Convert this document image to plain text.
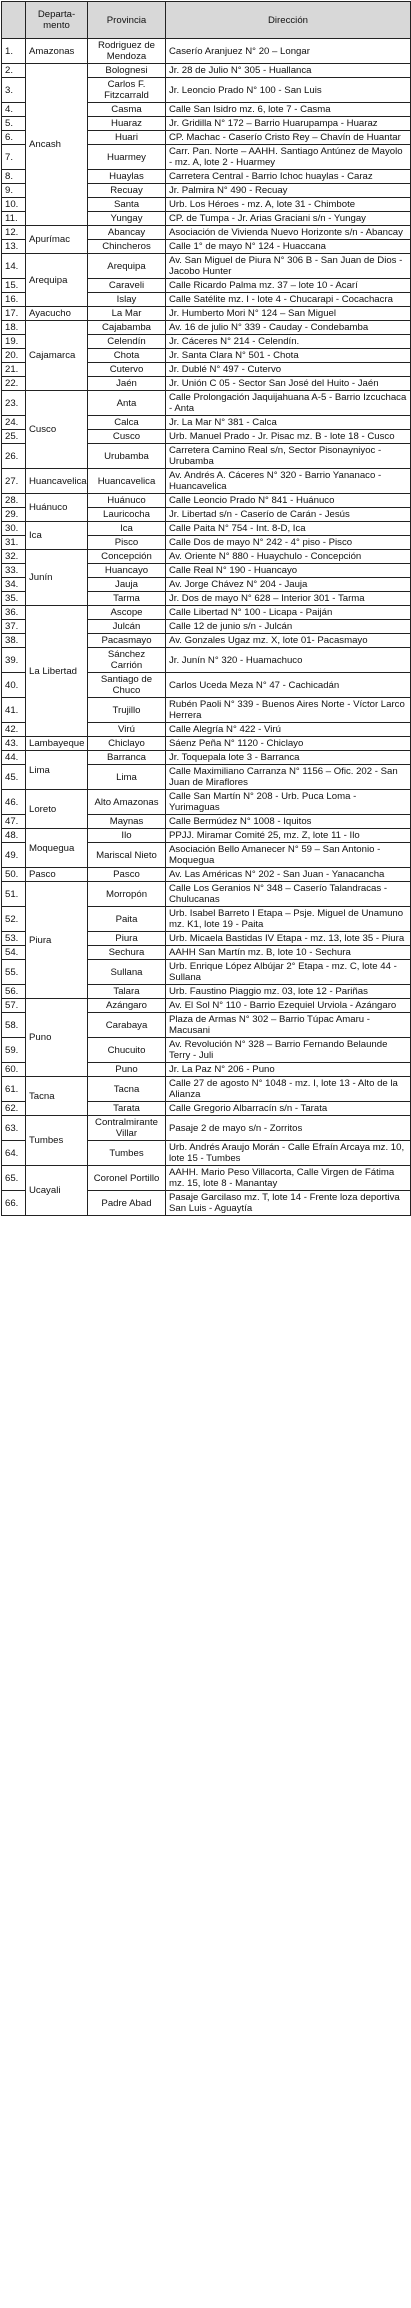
	Departa-mento	Provincia	Dirección
1.	Amazonas	Rodriguez de Mendoza	Caserío Aranjuez N° 20 – Longar
2.	Ancash	Bolognesi	Jr. 28 de Julio N° 305 - Huallanca
3.		Carlos F. Fitzcarrald	Jr. Leoncio Prado N° 100 - San Luis
4.		Casma	Calle San Isidro mz. 6, lote 7 - Casma
5.		Huaraz	Jr. Gridilla N° 172 – Barrio Huarupampa - Huaraz
6.		Huari	CP. Machac - Caserío Cristo Rey – Chavín de Huantar
7.		Huarmey	Carr. Pan. Norte – AAHH. Santiago Antúnez de Mayolo - mz. A, lote 2 - Huarmey
8.		Huaylas	Carretera Central - Barrio Ichoc huaylas - Caraz
9.		Recuay	Jr. Palmira N° 490 - Recuay
10.		Santa	Urb. Los Héroes - mz. A, lote 31 - Chimbote
11.		Yungay	CP. de Tumpa - Jr. Arias Graciani s/n - Yungay
12.	Apurímac	Abancay	Asociación de Vivienda Nuevo Horizonte s/n - Abancay
13.		Chincheros	Calle 1° de mayo N° 124 - Huaccana
14.	Arequipa	Arequipa	Av. San Miguel de Piura N° 306 B - San Juan de Dios - Jacobo Hunter
15.		Caraveli	Calle Ricardo Palma mz. 37 – lote 10 - Acarí
16.		Islay	Calle Satélite mz. I - lote 4 - Chucarapi - Cocachacra
17.	Ayacucho	La Mar	Jr. Humberto Mori N° 124 – San Miguel
18.	Cajamarca	Cajabamba	Av. 16 de julio N° 339 - Cauday - Condebamba
19.		Celendín	Jr. Cáceres N° 214 - Celendín.
20.		Chota	Jr. Santa Clara N° 501 - Chota
21.		Cutervo	Jr. Dublé N° 497 - Cutervo
22.		Jaén	Jr. Unión C 05 - Sector San José del Huito - Jaén
23.	Cusco	Anta	Calle Prolongación Jaquijahuana A-5 - Barrio Izcuchaca - Anta
24.		Calca	Jr. La Mar N° 381 - Calca
25.		Cusco	Urb. Manuel Prado - Jr. Pisac mz. B - lote 18 - Cusco
26.		Urubamba	Carretera Camino Real s/n, Sector Pisonayniyoc - Urubamba
27.	Huancavelica	Huancavelica	Av. Andrés A. Cáceres N° 320 - Barrio Yananaco - Huancavelica
28.	Huánuco	Huánuco	Calle Leoncio Prado N° 841 - Huánuco
29.		Lauricocha	Jr. Libertad s/n - Caserío de Carán - Jesús
30.	Ica	Ica	Calle Paita N° 754 - Int. 8-D, Ica
31.		Pisco	Calle Dos de mayo N° 242 - 4° piso - Pisco
32.	Junín	Concepción	Av. Oriente N° 880 - Huaychulo - Concepción
33.		Huancayo	Calle Real N° 190 - Huancayo
34.		Jauja	Av. Jorge Chávez N° 204 - Jauja
35.		Tarma	Jr. Dos de mayo N° 628 – Interior 301 - Tarma
36.	La Libertad	Ascope	Calle Libertad N° 100 - Licapa - Paiján
37.		Julcán	Calle 12 de junio s/n - Julcán
38.		Pacasmayo	Av. Gonzales Ugaz mz. X, lote 01- Pacasmayo
39.		Sánchez Carrión	Jr. Junín N° 320 - Huamachuco
40.		Santiago de Chuco	Carlos Uceda Meza N° 47 - Cachicadán
41.		Trujillo	Rubén Paoli N° 339 - Buenos Aires Norte - Víctor Larco Herrera
42.		Virú	Calle Alegría N° 422 - Virú
43.	Lambayeque	Chiclayo	Sáenz Peña N° 1120 - Chiclayo
44.	Lima	Barranca	Jr. Toquepala lote 3 - Barranca
45.		Lima	Calle Maximiliano Carranza N° 1156 – Ofic. 202 - San Juan de Miraflores
46.	Loreto	Alto Amazonas	Calle San Martín N° 208 - Urb. Puca Loma - Yurimaguas
47.		Maynas	Calle Bermúdez N° 1008 - Iquitos
48.	Moquegua	Ilo	PPJJ. Miramar Comité 25, mz. Z, lote 11 - Ilo
49.		Mariscal Nieto	Asociación Bello Amanecer N° 59 – San Antonio - Moquegua
50.	Pasco	Pasco	Av. Las Américas N° 202 - San Juan - Yanacancha
51.	Piura	Morropón	Calle Los Geranios N° 348 – Caserío Talandracas - Chulucanas
52.		Paita	Urb. Isabel Barreto I Etapa – Psje. Miguel de Unamuno mz. K1, lote 19 - Paita
53.		Piura	Urb. Micaela Bastidas IV Etapa - mz. 13, lote 35 - Piura
54.		Sechura	AAHH San Martín mz. B, lote 10 - Sechura
55.		Sullana	Urb. Enrique López Albújar 2° Etapa - mz. C, lote 44 - Sullana
56.		Talara	Urb. Faustino Piaggio mz. 03, lote 12 - Pariñas
57.	Puno	Azángaro	Av. El Sol N° 110 - Barrio Ezequiel Urviola - Azángaro
58.		Carabaya	Plaza de Armas N° 302 – Barrio Túpac Amaru - Macusani
59.		Chucuito	Av. Revolución N° 328 – Barrio Fernando Belaunde Terry - Juli
60.		Puno	Jr. La Paz N° 206 - Puno
61.	Tacna	Tacna	Calle 27 de agosto N° 1048 - mz. I, lote 13 - Alto de la Alianza
62.		Tarata	Calle Gregorio Albarracín s/n - Tarata
63.	Tumbes	Contralmirante Villar	Pasaje 2 de mayo s/n - Zorritos
64.		Tumbes	Urb. Andrés Araujo Morán - Calle Efraín Arcaya mz. 10, lote 15 - Tumbes
65.	Ucayali	Coronel Portillo	AAHH. Mario Peso Villacorta, Calle Virgen de Fátima mz. 15, lote 8 - Manantay
66.		Padre Abad	Pasaje Garcilaso mz. T, lote 14 - Frente loza deportiva San Luis - Aguaytía
